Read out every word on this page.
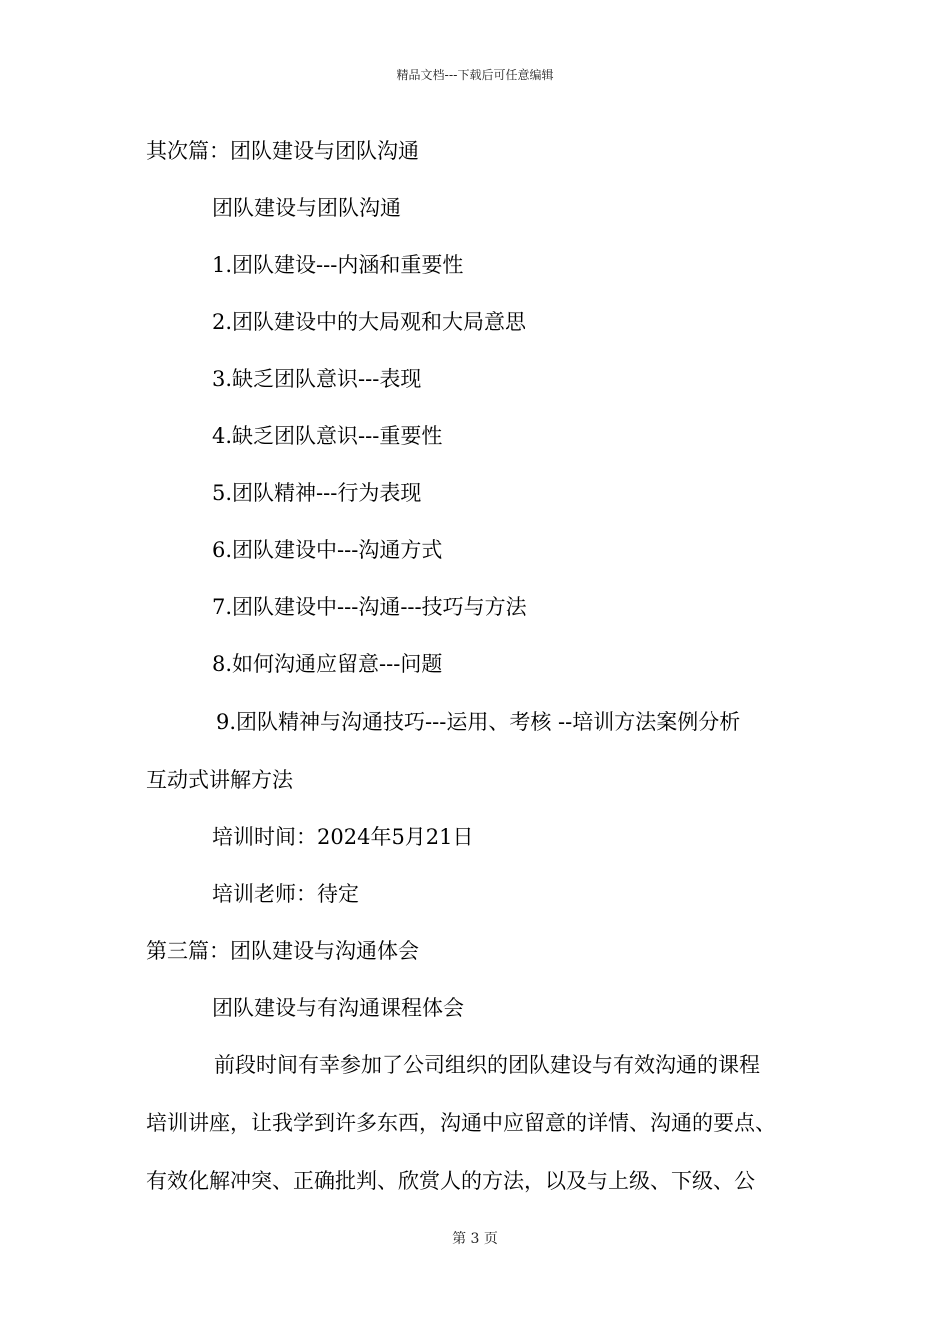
精品文档---下载后可任意编辑
其次篇：团队建设与团队沟通
团队建设与团队沟通
1.团队建设---内涵和重要性
2.团队建设中的大局观和大局意思
3.缺乏团队意识---表现
4.缺乏团队意识---重要性
5.团队精神---行为表现
6.团队建设中---沟通方式
7.团队建设中---沟通---技巧与方法
8.如何沟通应留意---问题
9.团队精神与沟通技巧---运用、考核 --培训方法案例分析
互动式讲解方法
培训时间：2024年5月21日
培训老师：待定
第三篇：团队建设与沟通体会
团队建设与有沟通课程体会
前段时间有幸参加了公司组织的团队建设与有效沟通的课程
培训讲座，让我学到许多东西，沟通中应留意的详情、沟通的要点、
有效化解冲突、正确批判、欣赏人的方法，以及与上级、下级、公
第 3 页
